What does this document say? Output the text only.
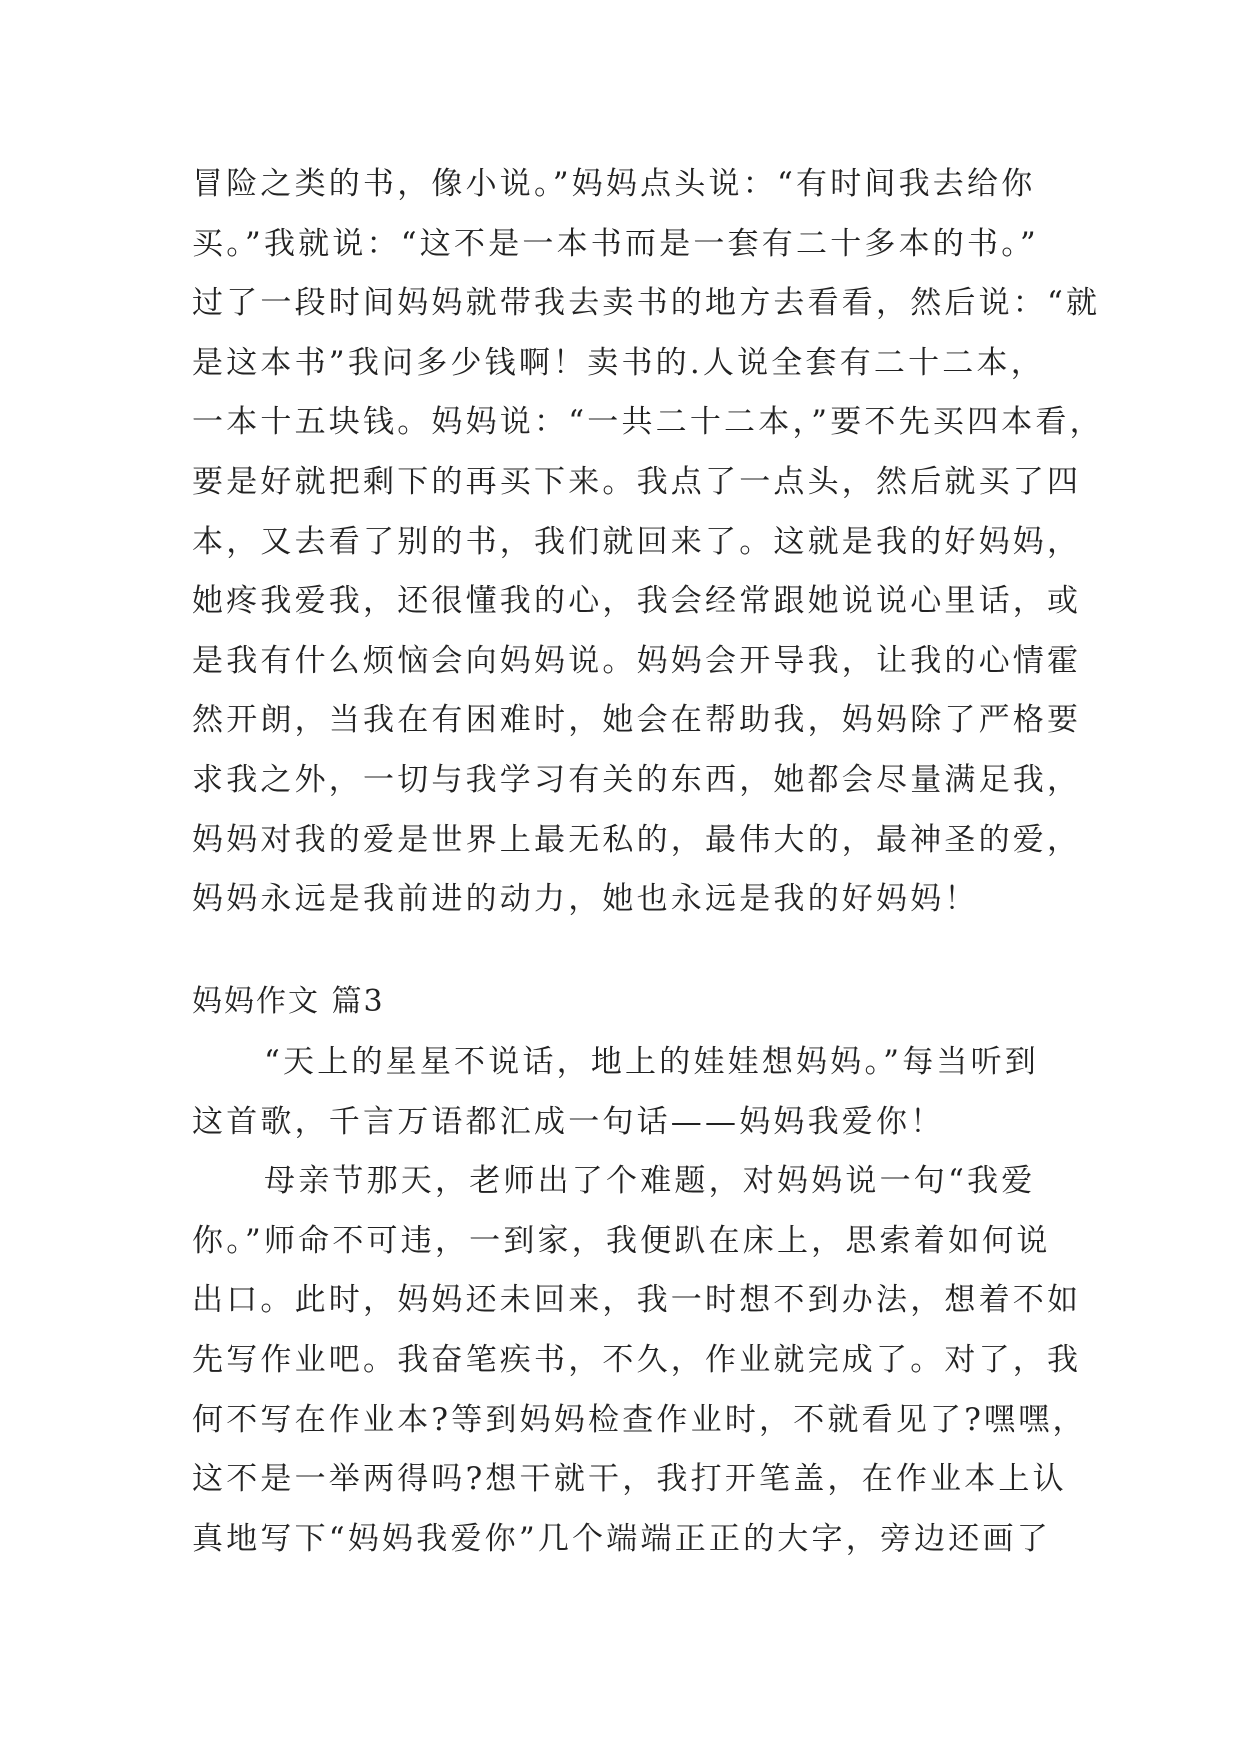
冒险之类的书，像小说。”妈妈点头说：“有时间我去给你
买。”我就说：“这不是一本书而是一套有二十多本的书。”
过了一段时间妈妈就带我去卖书的地方去看看，然后说：“就
是这本书”我问多少钱啊！卖书的.人说全套有二十二本，
一本十五块钱。妈妈说：“一共二十二本，”要不先买四本看，
要是好就把剩下的再买下来。我点了一点头，然后就买了四
本，又去看了别的书，我们就回来了。这就是我的好妈妈，
她疼我爱我，还很懂我的心，我会经常跟她说说心里话，或
是我有什么烦恼会向妈妈说。妈妈会开导我，让我的心情霍
然开朗，当我在有困难时，她会在帮助我，妈妈除了严格要
求我之外，一切与我学习有关的东西，她都会尽量满足我，
妈妈对我的爱是世界上最无私的，最伟大的，最神圣的爱，
妈妈永远是我前进的动力，她也永远是我的好妈妈！
妈妈作文 篇3
“天上的星星不说话，地上的娃娃想妈妈。”每当听到
这首歌，千言万语都汇成一句话——妈妈我爱你！
母亲节那天，老师出了个难题，对妈妈说一句“我爱
你。”师命不可违，一到家，我便趴在床上，思索着如何说
出口。此时，妈妈还未回来，我一时想不到办法，想着不如
先写作业吧。我奋笔疾书，不久，作业就完成了。对了，我
何不写在作业本?等到妈妈检查作业时，不就看见了?嘿嘿，
这不是一举两得吗?想干就干，我打开笔盖，在作业本上认
真地写下“妈妈我爱你”几个端端正正的大字，旁边还画了
